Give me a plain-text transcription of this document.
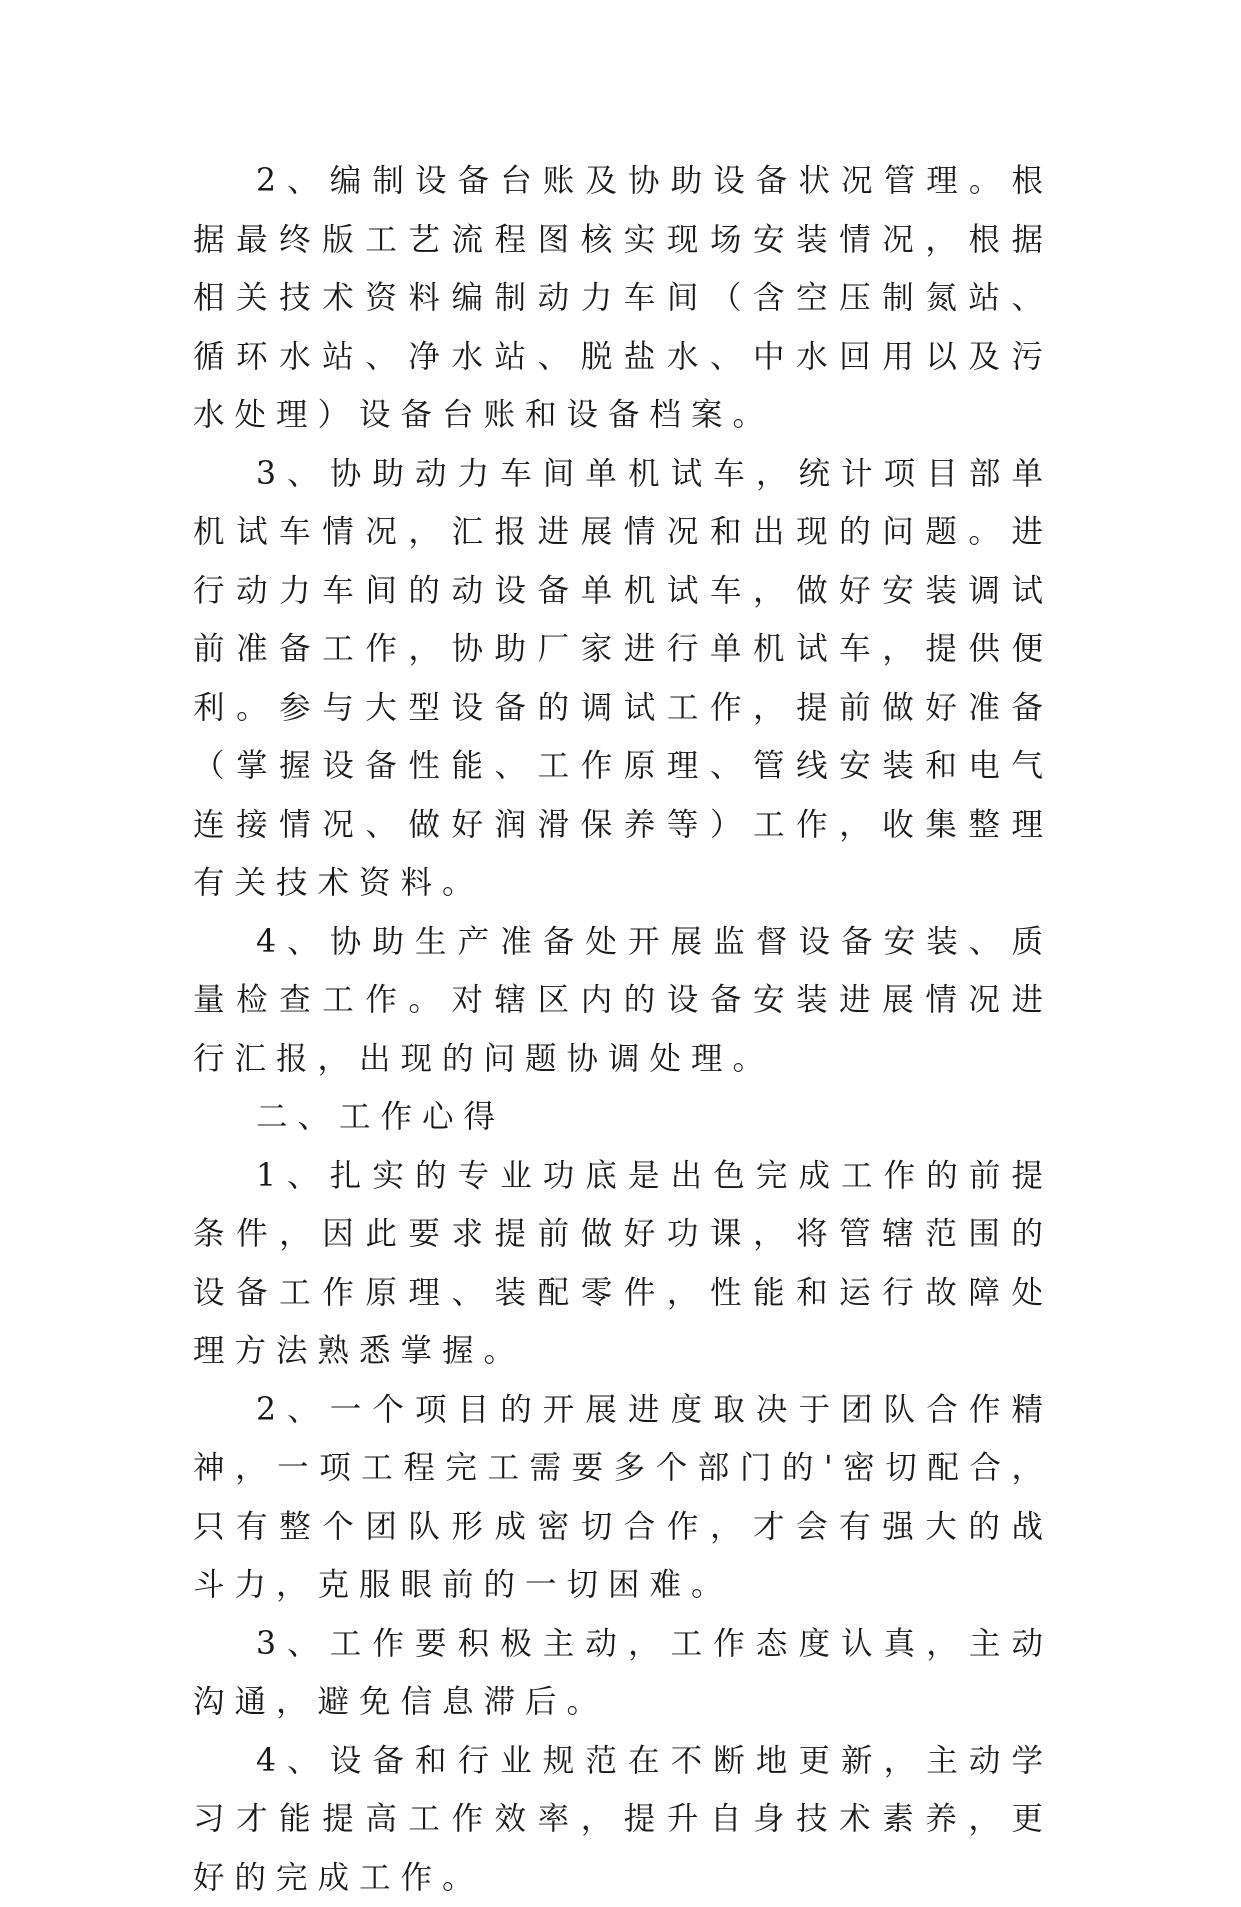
2、编制设备台账及协助设备状况管理。根据最终版工艺流程图核实现场安装情况，根据相关技术资料编制动力车间（含空压制氮站、循环水站、净水站、脱盐水、中水回用以及污水处理）设备台账和设备档案。

3、协助动力车间单机试车，统计项目部单机试车情况，汇报进展情况和出现的问题。进行动力车间的动设备单机试车，做好安装调试前准备工作，协助厂家进行单机试车，提供便利。参与大型设备的调试工作，提前做好准备（掌握设备性能、工作原理、管线安装和电气连接情况、做好润滑保养等）工作，收集整理有关技术资料。

4、协助生产准备处开展监督设备安装、质量检查工作。对辖区内的设备安装进展情况进行汇报，出现的问题协调处理。

二、工作心得

1、扎实的专业功底是出色完成工作的前提条件，因此要求提前做好功课，将管辖范围的设备工作原理、装配零件，性能和运行故障处理方法熟悉掌握。

2、一个项目的开展进度取决于团队合作精神，一项工程完工需要多个部门的'密切配合，只有整个团队形成密切合作，才会有强大的战斗力，克服眼前的一切困难。

3、工作要积极主动，工作态度认真，主动沟通，避免信息滞后。

4、设备和行业规范在不断地更新，主动学习才能提高工作效率，提升自身技术素养，更好的完成工作。
